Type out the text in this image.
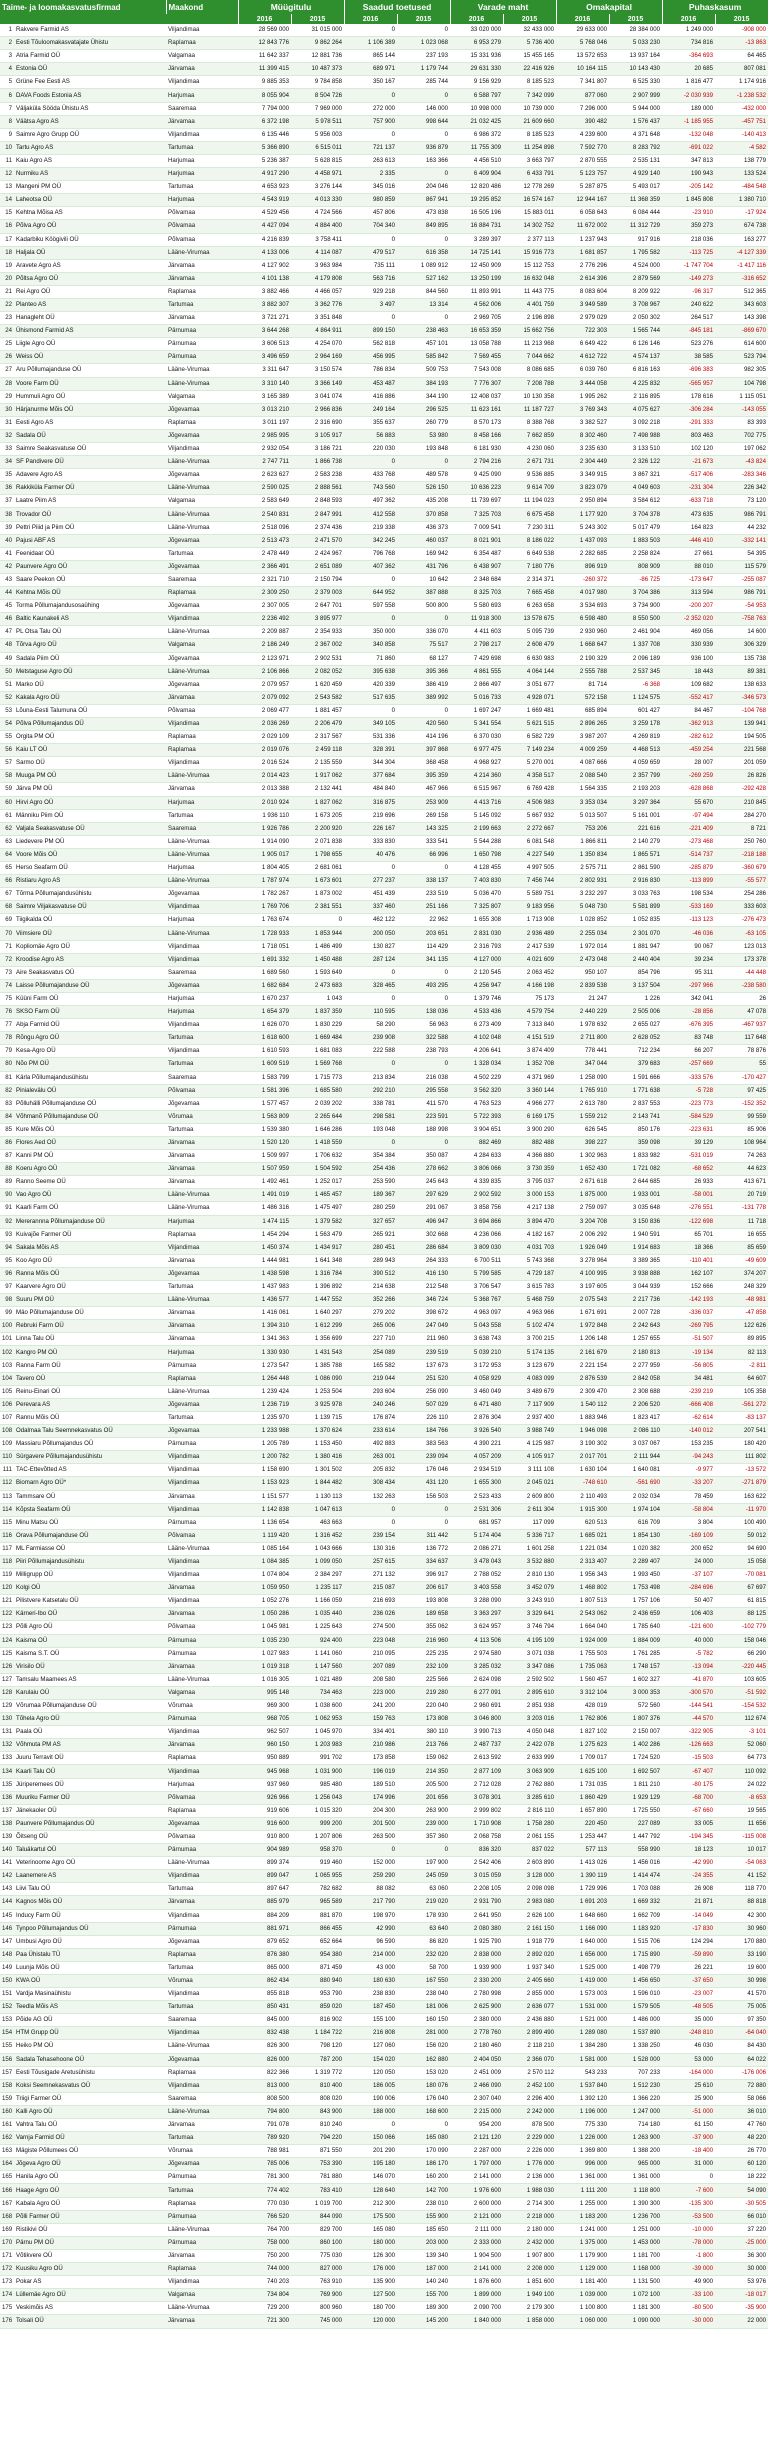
Taime- ja loomakasvatusfirmad		Maakond	Müügitulu		Saadud toetused		Varade maht		Omakapital		Puhaskasum	
			2016	2015	2016	2015	2016	2015	2016	2015	2016	2015
1	Rakvere Farmid AS	Viljandimaa	28 569 000	31 015 000	0	0	33 020 000	32 433 000	29 633 000	28 384 000	1 249 000	-908 000
2	Eesti Tõuloomakasvatajate Ühistu	Raplamaa	12 843 776	9 862 264	1 106 389	1 023 068	6 953 279	5 736 400	5 768 046	5 033 230	734 816	-13 863
3	Atria Farmid OÜ	Valgamaa	11 642 337	12 881 736	865 144	237 193	15 331 936	15 455 165	13 572 653	13 937 164	-364 693	64 465
4	Estonia OÜ	Järvamaa	11 399 415	10 487 373	689 971	1 179 744	29 631 330	22 416 926	10 164 115	10 143 430	20 685	807 081
5	Grüne Fee Eesti AS	Viljandimaa	9 885 353	9 784 858	350 167	285 744	9 156 929	8 185 523	7 341 807	6 525 330	1 816 477	1 174 916
6	DAVA Foods Estonia AS	Harjumaa	8 055 904	8 504 726	0	0	6 588 797	7 342 099	877 060	2 907 999	-2 030 939	-1 238 532
7	Väljaküla Sööda Ühistu AS	Saaremaa	7 794 000	7 969 000	272 000	146 000	10 998 000	10 739 000	7 296 000	5 944 000	189 000	-432 000
8	Väätsa Agro AS	Järvamaa	6 372 198	5 978 511	757 900	998 644	21 032 425	21 609 660	390 482	1 576 437	-1 185 955	-457 751
9	Saimre Agro Grupp OÜ	Viljandimaa	6 135 446	5 956 003	0	0	6 986 372	8 185 523	4 239 600	4 371 648	-132 048	-140 413
10	Tartu Agro AS	Tartumaa	5 366 890	6 515 011	721 137	936 879	11 755 309	11 254 898	7 592 770	8 283 792	-691 022	-4 582
11	Kaiu Agro AS	Harjumaa	5 236 387	5 628 815	263 613	163 366	4 456 510	3 663 797	2 870 555	2 535 131	347 813	138 779
12	Nurmiku AS	Harjumaa	4 917 290	4 458 971	2 335	0	6 409 904	6 433 791	5 123 757	4 929 140	190 943	133 524
13	Mangeni PM OÜ	Tartumaa	4 653 923	3 276 144	345 016	204 046	12 820 486	12 778 269	5 287 875	5 493 017	-205 142	-484 548
14	Laheotsa OÜ	Harjumaa	4 543 919	4 013 330	980 859	867 941	19 295 852	16 574 167	12 944 167	11 368 359	1 845 808	1 380 710
15	Kehtna Mõisa AS	Põlvamaa	4 529 456	4 724 566	457 806	473 838	16 505 196	15 883 011	6 058 643	6 084 444	-23 910	-17 924
16	Põlva Agro OÜ	Põlvamaa	4 427 094	4 884 400	704 340	849 895	16 884 731	14 302 752	11 672 002	11 312 729	359 273	674 738
17	Kadarbiku Köögivili OÜ	Põlvamaa	4 216 839	3 758 411	0	0	3 289 397	2 377 113	1 237 943	917 916	218 036	163 277
18	Haljala OÜ	Lääne-Virumaa	4 133 006	4 114 087	479 517	616 358	14 725 141	15 916 773	1 681 857	1 795 582	-113 725	-4 127 339
19	Aravete Agro AS	Järvamaa	4 127 902	3 963 984	735 111	1 089 912	12 450 909	15 112 753	2 776 296	4 524 000	-1 747 704	-1 417 116
20	Põltsa Agro OÜ	Järvamaa	4 101 138	4 179 808	563 716	527 162	13 250 199	16 632 048	2 614 396	2 879 569	-149 273	-316 652
21	Rei Agro OÜ	Raplamaa	3 882 466	4 466 057	929 218	844 560	11 893 991	11 443 775	8 083 604	8 209 922	-96 317	512 365
22	Planteo AS	Tartumaa	3 882 307	3 362 776	3 497	13 314	4 562 006	4 401 759	3 949 589	3 708 967	240 622	343 603
23	Hanagleht OÜ	Järvamaa	3 721 271	3 351 848	0	0	2 969 705	2 196 898	2 979 029	2 050 302	264 517	143 398
24	Ühismond Farmid AS	Pärnumaa	3 644 268	4 864 911	899 150	238 463	16 653 359	15 662 756	722 303	1 565 744	-845 181	-869 670
25	Liigle Agro OÜ	Pärnumaa	3 606 513	4 254 070	562 818	457 101	13 058 788	11 213 968	6 649 422	6 126 146	523 276	614 600
26	Weiss OÜ	Pärnumaa	3 496 659	2 964 169	456 995	585 842	7 569 455	7 044 662	4 612 722	4 574 137	38 585	523 794
27	Aru Põllumajanduse OÜ	Lääne-Virumaa	3 311 647	3 150 574	786 834	509 753	7 543 008	8 086 685	6 039 760	6 816 163	-696 383	982 305
28	Voore Farm OÜ	Lääne-Virumaa	3 310 140	3 366 149	453 487	384 193	7 776 307	7 208 788	3 444 058	4 225 832	-565 957	104 798
29	Hummuli Agro OÜ	Valgamaa	3 165 389	3 041 074	416 886	344 190	12 408 037	10 130 358	1 995 262	2 116 895	178 616	1 115 051
30	Härjanurme Mõis OÜ	Jõgevamaa	3 013 210	2 966 836	249 164	296 525	11 623 161	11 187 727	3 769 343	4 075 627	-306 284	-143 055
31	Eesti Agro AS	Raplamaa	3 011 197	2 316 690	355 637	260 779	8 570 173	8 388 768	3 382 527	3 092 218	-291 333	83 393
32	Sadala OÜ	Jõgevamaa	2 985 995	3 105 917	56 883	53 980	8 458 166	7 662 859	8 302 460	7 498 988	803 463	702 775
33	Saimre Seakasvatuse OÜ	Viljandimaa	2 932 054	3 186 721	220 030	193 848	6 181 930	4 230 060	3 235 630	3 133 510	102 120	197 062
34	SF Pandivere OÜ	Lääne-Virumaa	2 747 711	1 866 738	0	0	2 794 216	2 671 731	2 304 449	2 326 122	-21 673	-43 824
35	Adavere Agro AS	Jõgevamaa	2 623 627	2 583 238	433 768	489 578	9 425 090	9 536 885	3 349 915	3 867 321	-517 406	-283 346
36	Rakkiküla Farmer OÜ	Lääne-Virumaa	2 590 025	2 888 561	743 560	526 150	10 636 223	9 614 709	3 823 079	4 049 603	-231 304	226 342
37	Laatre Piim AS	Valgamaa	2 583 649	2 848 593	497 362	435 208	11 739 697	11 194 023	2 950 894	3 584 612	-633 718	73 120
38	Trovador OÜ	Lääne-Virumaa	2 540 831	2 847 991	412 558	370 858	7 325 703	6 675 458	1 177 920	3 704 378	473 635	986 791
39	Pettri Piiid ja Piim OÜ	Lääne-Virumaa	2 518 096	2 374 436	219 338	436 373	7 009 541	7 230 311	5 243 302	5 017 479	164 823	44 232
40	Pajusi ABF AS	Jõgevamaa	2 513 473	2 471 570	342 245	460 037	8 021 901	8 186 022	1 437 093	1 883 503	-446 410	-332 141
41	Feenidaar OÜ	Tartumaa	2 478 449	2 424 967	796 768	169 942	6 354 487	6 649 538	2 282 685	2 258 824	27 661	54 395
42	Paunvere Agro OÜ	Jõgevamaa	2 366 491	2 651 089	407 362	431 796	6 438 907	7 180 776	896 919	808 909	88 010	115 579
43	Saare Peekon OÜ	Saaremaa	2 321 710	2 150 794	0	10 642	2 348 684	2 314 371	-260 372	-86 725	-173 647	-255 087
44	Kehtna Mõis OÜ	Raplamaa	2 309 250	2 379 003	644 952	387 888	8 325 703	7 665 458	4 017 980	3 704 386	313 594	986 791
45	Torma Põllumajandusosaühing	Jõgevamaa	2 307 005	2 647 701	597 558	500 800	5 580 693	6 263 658	3 534 693	3 734 900	-200 207	-54 953
46	Baltic Kaunakeli AS	Viljandimaa	2 236 492	3 895 977	0	0	11 918 300	13 578 675	6 598 480	8 550 500	-2 352 020	-758 763
47	PL Otsa Talu OÜ	Lääne-Virumaa	2 209 887	2 354 933	350 000	336 070	4 411 603	5 095 739	2 930 960	2 461 904	469 056	14 600
48	Tõrva Agro OÜ	Valgamaa	2 186 249	2 367 002	340 858	75 517	2 798 217	2 608 479	1 668 647	1 337 708	330 939	306 329
49	Sadala Piim OÜ	Jõgevamaa	2 123 971	2 902 531	71 860	68 127	7 429 698	6 630 983	2 190 329	2 096 189	936 100	135 738
50	Metstaguse Agro OÜ	Lääne-Virumaa	2 106 866	2 082 052	395 638	395 366	4 861 555	4 064 144	2 555 788	2 537 345	18 443	89 381
51	Marko OÜ	Jõgevamaa	2 079 957	1 620 459	420 339	386 419	2 866 497	3 051 677	81 714	-6 368	109 682	138 633
52	Kakala Agro OÜ	Järvamaa	2 079 092	2 543 582	517 635	389 992	5 016 733	4 928 071	572 158	1 124 575	-552 417	-346 573
53	Lõuna-Eesti Talumuna OÜ	Põlvamaa	2 069 477	1 881 457	0	0	1 697 247	1 669 481	685 894	601 427	84 467	-104 768
54	Põlva Põllumajandus OÜ	Viljandimaa	2 036 269	2 206 479	349 105	420 560	5 341 554	5 621 515	2 896 265	3 259 178	-362 913	139 941
55	Orgita PM OÜ	Raplamaa	2 029 109	2 317 567	531 336	414 196	6 370 030	6 582 729	3 987 207	4 269 819	-282 612	194 505
56	Kaiu LT OÜ	Raplamaa	2 019 076	2 459 118	328 391	397 868	6 977 475	7 149 234	4 009 259	4 468 513	-459 254	221 568
57	Sarmo OÜ	Viljandimaa	2 016 524	2 135 559	344 304	368 458	4 968 927	5 270 001	4 087 666	4 059 659	28 007	201 059
58	Muuga PM OÜ	Lääne-Virumaa	2 014 423	1 917 062	377 684	395 359	4 214 360	4 358 517	2 088 540	2 357 799	-269 259	26 826
59	Järva PM OÜ	Järvamaa	2 013 388	2 132 441	484 840	467 966	6 515 967	6 769 428	1 564 335	2 193 203	-628 868	-292 428
60	Hirvi Agro OÜ	Harjumaa	2 010 924	1 827 062	316 875	253 909	4 413 716	4 506 983	3 353 034	3 297 364	55 670	210 845
61	Männiku Piim OÜ	Tartumaa	1 936 110	1 673 205	219 696	269 158	5 145 092	5 667 932	5 013 507	5 161 001	-97 494	284 270
62	Valjala Seakasvatuse OÜ	Saaremaa	1 926 786	2 200 920	226 167	143 325	2 199 663	2 272 667	753 206	221 616	-221 409	8 721
63	Liedevere PM OÜ	Lääne-Virumaa	1 914 090	2 071 838	333 830	333 541	5 544 288	6 081 548	1 866 811	2 140 279	-273 468	250 760
64	Voore Mõis OÜ	Lääne-Virumaa	1 905 017	1 798 655	40 476	66 996	1 650 798	4 227 549	1 350 834	1 865 571	-514 737	-218 188
65	Herso Seafarm OÜ	Harjumaa	1 804 405	2 681 061	0	0	4 128 455	4 997 505	2 575 711	2 861 590	-285 879	-360 679
66	Ristiaru Agro AS	Lääne-Virumaa	1 787 974	1 673 601	277 237	338 137	7 403 830	7 456 744	2 802 931	2 916 830	-113 899	-55 577
67	Tõrma Põllumajandusühistu	Jõgevamaa	1 782 267	1 873 002	451 439	233 519	5 036 470	5 589 751	3 232 297	3 033 763	198 534	254 286
68	Saimre Viljakasvatuse OÜ	Viljandimaa	1 769 706	2 381 551	337 460	251 166	7 325 807	9 183 956	5 048 730	5 581 899	-533 169	333 603
69	Tiigikalda OÜ	Harjumaa	1 763 674	0	462 122	22 962	1 655 308	1 713 908	1 028 852	1 052 835	-113 123	-276 473
70	Viimsiere OÜ	Lääne-Virumaa	1 728 933	1 853 944	200 050	203 651	2 831 030	2 936 489	2 255 034	2 301 070	-46 036	-63 105
71	Kopliomäe Agro OÜ	Viljandimaa	1 718 051	1 486 499	130 827	114 429	2 316 793	2 417 539	1 972 014	1 881 947	90 067	123 013
72	Kroodise Agro AS	Viljandimaa	1 691 332	1 450 488	287 124	341 135	4 127 000	4 021 609	2 473 048	2 440 404	39 234	173 378
73	Aire Seakasvatus OÜ	Saaremaa	1 689 560	1 593 649	0	0	2 120 545	2 063 452	950 107	854 796	95 311	-44 448
74	Laisse Põllumajanduse OÜ	Jõgevamaa	1 682 684	2 473 683	328 465	493 295	4 256 947	4 166 198	2 839 538	3 137 504	-297 966	-238 580
75	Küüni Farm OÜ	Harjumaa	1 670 237	1 043	0	0	1 379 746	75 173	21 247	1 226	342 041	26
76	SKSO Farm OÜ	Harjumaa	1 654 379	1 837 359	110 595	138 036	4 533 436	4 579 754	2 440 229	2 505 006	-28 856	47 078
77	Abja Farmid OÜ	Viljandimaa	1 626 070	1 830 229	58 290	56 963	6 273 409	7 313 840	1 978 632	2 655 027	-676 395	-467 937
78	Rõngu Agro OÜ	Tartumaa	1 618 600	1 669 484	239 908	322 588	4 102 048	4 151 519	2 711 800	2 628 052	83 748	117 648
79	Kesa-Agro OÜ	Viljandimaa	1 610 593	1 681 083	222 588	238 793	4 206 641	3 874 409	778 441	712 234	66 207	78 876
80	Nõo PM OÜ	Tartumaa	1 609 519	1 569 768	0	0	1 328 034	1 352 708	347 044	379 683	-257 669	55
81	Kärla Põllumajandusühistu	Saaremaa	1 583 799	1 715 773	213 834	216 038	4 502 229	4 371 969	1 258 090	1 591 666	-333 576	-170 427
82	Pinialevälu OÜ	Põlvamaa	1 581 396	1 685 580	292 210	295 558	3 562 320	3 360 144	1 765 910	1 771 638	-5 728	97 425
83	Põlluhälli Põllumajanduse OÜ	Jõgevamaa	1 577 457	2 039 202	338 781	411 570	4 763 523	4 966 277	2 613 780	2 837 553	-223 773	-152 352
84	Võhmanõ Põllumajanduse OÜ	Võrumaa	1 563 809	2 265 644	298 581	223 591	5 722 393	6 169 175	1 559 212	2 143 741	-584 529	99 559
85	Kure Mõis OÜ	Tartumaa	1 539 380	1 646 286	193 048	188 998	3 904 651	3 900 290	626 545	850 176	-223 631	85 906
86	Flores Aed OÜ	Järvamaa	1 520 120	1 418 559	0	0	882 469	882 488	398 227	359 098	39 129	108 964
87	Kanni PM OÜ	Järvamaa	1 509 997	1 706 632	354 384	350 087	4 284 633	4 366 880	1 302 963	1 833 982	-531 019	74 263
88	Koeru Agro OÜ	Järvamaa	1 507 959	1 504 592	254 436	278 662	3 806 066	3 730 359	1 652 430	1 721 082	-68 652	44 623
89	Ranno Seeme OÜ	Järvamaa	1 492 461	1 252 017	253 590	245 643	4 339 835	3 795 037	2 671 618	2 644 685	26 933	413 671
90	Vao Agro OÜ	Lääne-Virumaa	1 491 019	1 465 457	189 367	297 629	2 902 592	3 000 153	1 875 000	1 933 001	-58 001	20 719
91	Kaarli Farm OÜ	Lääne-Virumaa	1 486 316	1 475 497	280 259	291 067	3 858 756	4 217 138	2 759 097	3 035 648	-276 551	-131 778
92	Mererannna Põllumajanduse OÜ	Harjumaa	1 474 115	1 379 582	327 657	496 947	3 694 866	3 894 470	3 204 708	3 150 836	-122 698	11 718
93	Kuivajõe Farmer OÜ	Raplamaa	1 454 294	1 563 479	265 921	302 668	4 236 066	4 182 167	2 006 292	1 940 591	65 701	16 655
94	Sakala Mõis AS	Viljandimaa	1 450 374	1 434 917	280 451	286 684	3 809 030	4 031 703	1 926 049	1 914 683	18 366	85 659
95	Koo Agro OÜ	Järvamaa	1 444 981	1 641 348	289 943	264 333	6 700 511	5 743 368	3 278 964	3 389 365	-110 401	-49 609
96	Ranna Mõis OÜ	Jõgevamaa	1 438 598	1 316 784	390 512	416 130	5 799 585	4 729 187	4 100 995	3 938 888	162 107	374 207
97	Kaarvere Agro OÜ	Tartumaa	1 437 983	1 396 892	214 638	212 548	3 706 547	3 615 783	3 197 605	3 044 939	152 666	248 329
98	Suuru PM OÜ	Lääne-Virumaa	1 436 577	1 447 552	352 266	346 724	5 368 767	5 468 759	2 075 543	2 217 736	-142 193	-48 981
99	Mäo Põllumajanduse OÜ	Järvamaa	1 416 061	1 640 297	279 202	398 672	4 963 097	4 963 966	1 671 691	2 007 728	-336 037	-47 858
100	Rebruki Farm OÜ	Järvamaa	1 394 310	1 612 299	265 006	247 049	5 043 558	5 102 474	1 972 848	2 242 643	-269 795	122 626
101	Linna Talu OÜ	Järvamaa	1 341 363	1 356 699	227 710	211 960	3 638 743	3 700 215	1 206 148	1 257 655	-51 507	89 895
102	Kangro PM OÜ	Harjumaa	1 330 930	1 431 543	254 089	239 519	5 039 210	5 174 135	2 161 679	2 180 813	-19 134	82 113
103	Ranna Farm OÜ	Pärnumaa	1 273 547	1 385 788	165 582	137 673	3 172 953	3 123 679	2 221 154	2 277 959	-56 805	-2 811
104	Tavero OÜ	Raplamaa	1 264 448	1 086 090	219 044	251 520	4 058 929	4 083 099	2 876 539	2 842 058	34 481	64 607
105	Reinu-Einari OÜ	Lääne-Virumaa	1 239 424	1 253 504	293 604	256 090	3 460 049	3 489 679	2 309 470	2 308 688	-239 219	105 358
106	Perevara AS	Jõgevamaa	1 236 719	3 925 978	240 246	507 029	6 471 480	7 117 909	1 540 112	2 206 520	-666 408	-561 272
107	Rannu Mõis OÜ	Tartumaa	1 235 970	1 139 715	176 874	226 110	2 876 304	2 937 400	1 883 946	1 823 417	-62 614	-83 137
108	Odalmaa Talu Seemnekasvatus OÜ	Jõgevamaa	1 233 988	1 370 624	233 614	184 766	3 926 540	3 988 749	1 946 098	2 086 110	-140 012	207 541
109	Massiaru Põllumajandus OÜ	Pärnumaa	1 205 789	1 153 450	492 883	383 563	4 390 221	4 125 987	3 190 302	3 037 067	153 235	180 420
110	Sürgavere Põllumajandusühistu	Viljandimaa	1 200 782	1 380 416	263 001	239 094	4 057 209	4 105 917	2 017 701	2 111 944	-94 243	111 802
111	TAC-Ettevõtted AS	Viljandimaa	1 158 690	1 301 502	205 832	176 046	2 934 519	3 111 108	1 630 104	1 640 081	-9 977	-13 572
112	Biomarn Agro OÜ*	Viljandimaa	1 153 923	1 844 482	308 434	431 120	1 655 300	2 045 021	-748 610	-561 690	-33 207	-271 879
113	Tammsare OÜ	Järvamaa	1 151 577	1 130 113	132 263	156 503	2 523 433	2 609 800	2 110 493	2 032 034	78 459	163 622
114	Kõpsta Seafarm OÜ	Viljandimaa	1 142 838	1 047 613	0	0	2 531 306	2 611 304	1 915 300	1 974 104	-58 804	-11 970
115	Minu Matsu OÜ	Pärnumaa	1 136 654	463 663	0	0	681 957	117 099	620 513	616 709	3 804	100 490
116	Orava Põllumajanduse OÜ	Põlvamaa	1 119 420	1 316 452	239 154	311 442	5 174 404	5 336 717	1 685 021	1 854 130	-169 109	59 012
117	ML Farmiasse OÜ	Lääne-Virumaa	1 085 164	1 043 666	130 316	136 772	2 086 271	1 601 258	1 221 034	1 020 382	200 652	94 690
118	Piiri Põllumajandusühistu	Viljandimaa	1 084 385	1 099 050	257 615	334 637	3 478 043	3 532 880	2 313 407	2 289 407	24 000	15 058
119	Milligrupp OÜ	Viljandimaa	1 074 804	2 384 297	271 132	396 917	2 788 052	2 810 130	1 956 343	1 993 450	-37 107	-70 081
120	Kolgi OÜ	Järvamaa	1 059 950	1 235 117	215 087	206 617	3 403 558	3 452 079	1 468 802	1 753 498	-284 696	67 697
121	Pilistvere Katsetalu OÜ	Viljandimaa	1 052 276	1 166 059	216 693	193 808	3 288 090	3 243 910	1 807 513	1 757 106	50 407	61 815
122	Kärneri-Ibo OÜ	Järvamaa	1 050 286	1 035 440	236 026	189 658	3 363 297	3 329 641	2 543 062	2 436 659	106 403	88 125
123	Põlli Agro OÜ	Põlvamaa	1 045 981	1 225 643	274 500	355 062	3 624 957	3 746 794	1 664 040	1 785 640	-121 600	-102 779
124	Kaisma OÜ	Pärnumaa	1 035 230	924 400	223 048	216 960	4 113 506	4 195 109	1 924 009	1 884 009	40 000	158 046
125	Kaisma S.T. OÜ	Pärnumaa	1 027 983	1 141 060	210 095	225 235	2 974 580	3 071 038	1 755 503	1 761 285	-5 782	66 290
126	Virisilo OÜ	Järvamaa	1 019 318	1 147 560	207 089	232 109	3 285 032	3 347 086	1 735 063	1 748 157	-13 094	-220 445
127	Tamsalu Maamees AS	Lääne-Virumaa	1 016 305	1 021 489	208 580	225 566	2 624 098	2 592 502	1 560 457	1 602 327	-41 870	103 605
128	Karulaiu OÜ	Valgamaa	995 148	734 463	223 000	219 280	6 277 091	2 895 610	3 312 104	3 000 353	-300 570	-51 592
129	Võrumaa Põllumajanduse OÜ	Võrumaa	969 300	1 038 600	241 200	220 040	2 960 691	2 851 938	428 019	572 560	-144 541	-154 532
130	Tõhela Agro OÜ	Pärnumaa	968 705	1 062 953	159 763	173 808	3 046 800	3 203 016	1 762 806	1 807 376	-44 570	112 674
131	Paala OÜ	Viljandimaa	962 507	1 045 970	334 401	380 110	3 990 713	4 050 048	1 827 102	2 150 007	-322 905	-3 101
132	Võhmuta PM AS	Järvamaa	960 150	1 203 983	210 986	213 766	2 487 737	2 422 078	1 275 623	1 402 286	-126 663	52 060
133	Juuru Terravit OÜ	Raplamaa	950 889	991 702	173 858	159 062	2 613 592	2 633 999	1 709 017	1 724 520	-15 503	64 773
134	Kaarli Talu OÜ	Viljandimaa	945 968	1 031 900	196 019	214 350	2 877 109	3 063 909	1 625 100	1 692 507	-67 407	110 092
135	Jüriperemees OÜ	Harjumaa	937 969	985 480	189 510	205 500	2 712 028	2 762 880	1 731 035	1 811 210	-80 175	24 022
136	Muuriku Farmer OÜ	Põlvamaa	926 966	1 256 043	174 996	201 656	3 078 301	3 285 610	1 860 429	1 929 129	-68 700	-8 653
137	Jänekaoler OÜ	Raplamaa	919 606	1 015 320	204 300	263 900	2 999 802	2 816 110	1 657 890	1 725 550	-67 660	19 565
138	Paunvere Põllumajandus OÜ	Jõgevamaa	916 600	999 200	201 500	239 000	1 710 908	1 758 280	220 450	227 089	33 005	11 656
139	Õitseng OÜ	Põlvamaa	910 800	1 207 806	263 500	357 360	2 068 758	2 061 155	1 253 447	1 447 792	-194 345	-115 008
140	Taluäkartul OÜ	Pärnumaa	904 989	958 370	0	0	836 320	837 022	577 113	558 990	18 123	10 017
141	Veterinoome Agro OÜ	Lääne-Virumaa	899 374	919 460	152 000	197 900	2 542 406	2 603 890	1 413 026	1 456 016	-42 990	-54 063
142	Laanemere AS	Viljandimaa	899 047	1 065 955	259 290	245 059	3 015 059	3 128 000	1 390 119	1 414 474	-24 355	41 152
143	Liivi Talu OÜ	Tartumaa	897 647	782 682	88 082	63 060	2 208 105	2 098 098	1 729 996	1 703 088	26 908	118 770
144	Kagnos Mõis OÜ	Järvamaa	885 979	965 589	217 790	219 020	2 931 790	2 983 080	1 691 203	1 669 332	21 871	88 818
145	Inducy Farm OÜ	Viljandimaa	884 209	881 870	198 970	178 930	2 641 950	2 626 100	1 648 660	1 662 709	-14 049	42 300
146	Tynpoo Põllumajandus OÜ	Pärnumaa	881 971	866 455	42 990	63 640	2 080 380	2 161 150	1 166 090	1 183 920	-17 830	30 960
147	Umbusi Agro OÜ	Jõgevamaa	879 652	652 664	96 590	86 820	1 925 790	1 918 779	1 640 000	1 515 706	124 294	170 880
148	Paa Ühistalu TÜ	Raplamaa	876 380	954 380	214 000	232 020	2 838 000	2 892 020	1 656 000	1 715 890	-59 890	33 190
149	Luunja Mõis OÜ	Tartumaa	865 000	871 459	43 000	58 700	1 939 900	1 937 340	1 525 000	1 498 779	26 221	19 600
150	KWA OÜ	Võrumaa	862 434	880 940	180 630	167 550	2 330 200	2 405 660	1 419 000	1 456 650	-37 650	30 998
151	Vardja Masinaühistu	Viljandimaa	855 818	953 790	238 830	238 040	2 780 998	2 855 000	1 573 003	1 596 010	-23 007	41 570
152	Teedla Mõis AS	Tartumaa	850 431	859 020	187 450	181 006	2 625 900	2 636 077	1 531 000	1 579 505	-48 505	75 005
153	Põide AG OÜ	Saaremaa	845 000	816 902	155 100	160 150	2 380 000	2 436 880	1 521 000	1 486 000	35 000	97 350
154	HTM Grupp OÜ	Viljandimaa	832 438	1 184 722	216 808	281 000	2 778 760	2 899 490	1 289 080	1 537 890	-248 810	-64 040
155	Heiko PM OÜ	Lääne-Virumaa	826 300	798 120	127 060	156 020	2 180 460	2 118 210	1 384 280	1 338 250	46 030	84 430
156	Sadala Tehasehoone OÜ	Jõgevamaa	826 000	787 200	154 020	162 880	2 404 050	2 366 070	1 581 000	1 528 000	53 000	64 022
157	Eesti Tõusigade Aretusühistu	Raplamaa	822 366	1 319 772	120 050	153 020	2 451 009	2 570 112	543 233	707 233	-164 000	-176 006
158	Koksi Seemnekasvatus OÜ	Viljandimaa	813 000	810 400	186 005	180 076	2 466 090	2 452 100	1 537 840	1 512 230	25 610	72 880
159	Triigi Farmer OÜ	Saaremaa	808 500	808 020	190 006	176 040	2 307 040	2 296 400	1 392 120	1 366 220	25 900	58 066
160	Kalli Agro OÜ	Lääne-Virumaa	794 800	843 900	188 000	168 600	2 215 000	2 242 000	1 196 000	1 247 000	-51 000	36 010
161	Vahtra Talu OÜ	Järvamaa	791 078	810 240	0	0	954 200	878 500	775 330	714 180	61 150	47 760
162	Varnja Farmid OÜ	Tartumaa	789 920	794 220	150 066	165 080	2 121 120	2 229 000	1 226 000	1 263 900	-37 900	48 220
163	Mägiste Põllumees OÜ	Võrumaa	788 981	871 550	201 290	170 090	2 287 000	2 226 000	1 369 800	1 388 200	-18 400	26 770
164	Jõgeva Agro OÜ	Jõgevamaa	785 006	753 390	195 180	186 170	1 797 000	1 776 000	996 000	965 000	31 000	60 120
165	Hanila Agro OÜ	Pärnumaa	781 300	781 880	146 070	160 200	2 141 000	2 136 000	1 361 000	1 361 000	0	18 222
166	Haage Agro OÜ	Tartumaa	774 402	783 410	128 640	142 700	1 976 600	1 988 030	1 111 200	1 118 800	-7 600	54 090
167	Kabala Agro OÜ	Raplamaa	770 030	1 019 700	212 300	238 010	2 600 000	2 714 300	1 255 000	1 390 300	-135 300	-30 505
168	Põlli Farmer OÜ	Pärnumaa	766 520	844 090	175 500	155 900	2 121 000	2 218 000	1 183 200	1 236 700	-53 500	66 010
169	Ristikivi OÜ	Lääne-Virumaa	764 700	829 700	165 080	185 650	2 111 000	2 180 000	1 241 000	1 251 000	-10 000	37 220
170	Pärnu PM OÜ	Pärnumaa	758 000	860 100	180 000	203 000	2 333 000	2 432 000	1 375 000	1 453 000	-78 000	-25 000
171	Võtikvere OÜ	Järvamaa	750 200	775 030	126 300	139 340	1 904 500	1 907 800	1 179 900	1 181 700	-1 800	36 300
172	Kuusiku Agro OÜ	Raplamaa	744 000	827 000	176 000	187 000	2 141 000	2 208 000	1 129 000	1 168 000	-39 000	30 000
173	Pokar AS	Viljandimaa	740 203	763 910	135 900	140 240	1 876 600	1 851 600	1 181 400	1 131 500	49 900	53 976
174	Lüllemäe Agro OÜ	Valgamaa	734 804	769 900	127 500	155 700	1 899 000	1 949 100	1 039 000	1 072 100	-33 100	-18 017
175	Veskimõis AS	Lääne-Virumaa	729 200	800 960	180 700	189 300	2 090 700	2 179 300	1 100 800	1 181 300	-80 500	-35 900
176	Tolsali OÜ	Järvamaa	721 300	745 000	120 000	145 200	1 840 000	1 858 000	1 060 000	1 090 000	-30 000	22 000
